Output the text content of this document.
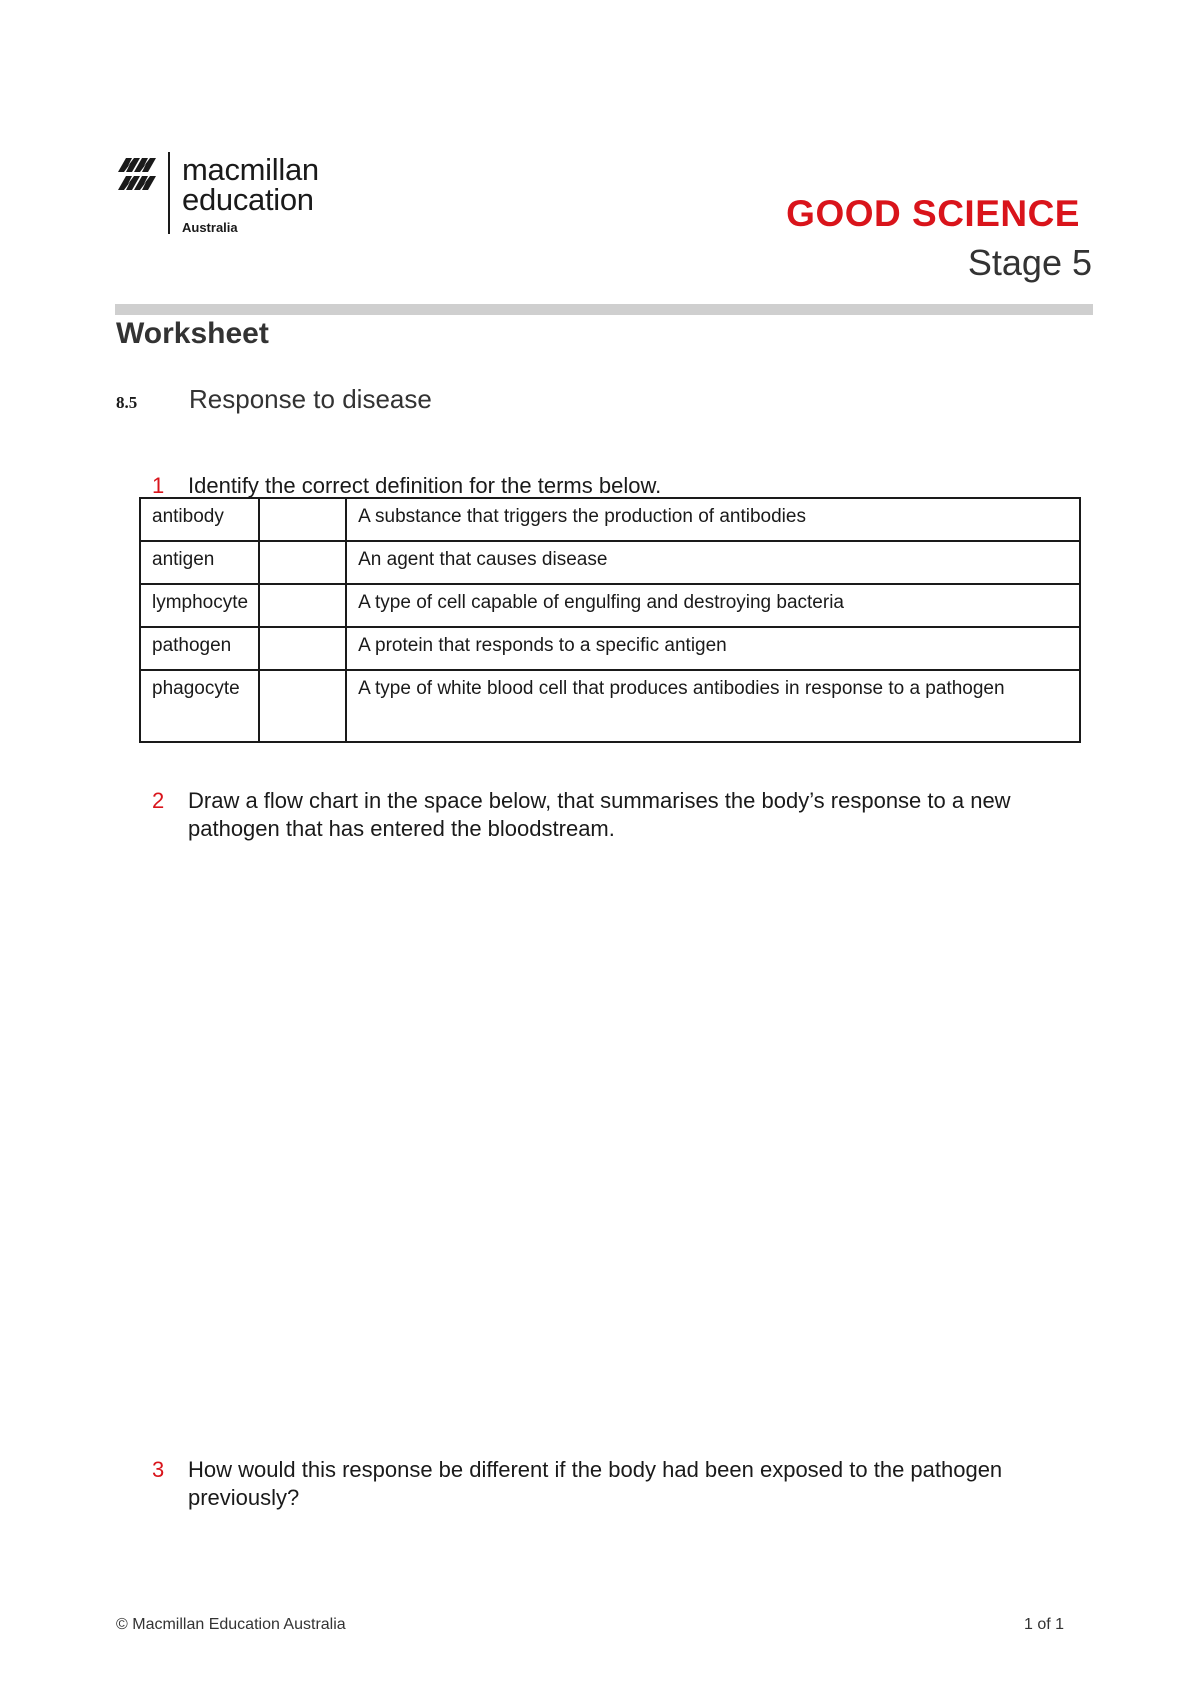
macmillan
education
Australia	GOOD SCIENCE
Stage 5
Worksheet
8.5 Response to disease
1 Identify the correct definition for the terms below.
antibody		A substance that triggers the production of antibodies
antigen		An agent that causes disease
lymphocyte		A type of cell capable of engulfing and destroying bacteria
pathogen		A protein that responds to a specific antigen
phagocyte		A type of white blood cell that produces antibodies in response to a pathogen
2 Draw a flow chart in the space below, that summarises the body’s response to a new pathogen that has entered the bloodstream.
3 How would this response be different if the body had been exposed to the pathogen previously?
© Macmillan Education Australia	1 of 1
